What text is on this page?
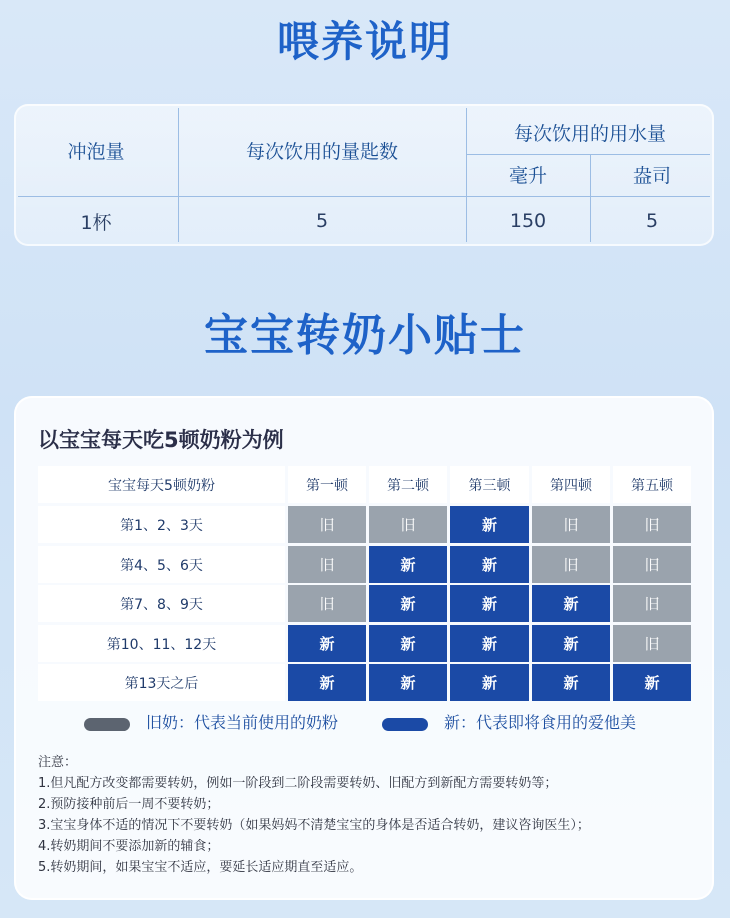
喂养说明
冲泡量	每次饮用的量匙数
每次饮用的用水量
毫升	盎司
1杯	5	150	5
宝宝转奶小贴士
以宝宝每天吃5顿奶粉为例
宝宝每天5顿奶粉	第一顿	第二顿	第三顿	第四顿	第五顿
第1、2、3天	旧	旧	新	旧	旧
第4、5、6天	旧	新	新	旧	旧
第7、8、9天	旧	新	新	新	旧
第10、11、12天	新	新	新	新	旧
第13天之后	新	新	新	新	新
旧奶：代表当前使用的奶粉	新：代表即将食用的爱他美
注意：
1.但凡配方改变都需要转奶，例如一阶段到二阶段需要转奶、旧配方到新配方需要转奶等；
2.预防接种前后一周不要转奶；
3.宝宝身体不适的情况下不要转奶（如果妈妈不清楚宝宝的身体是否适合转奶，建议咨询医生）；
4.转奶期间不要添加新的辅食；
5.转奶期间，如果宝宝不适应，要延长适应期直至适应。
